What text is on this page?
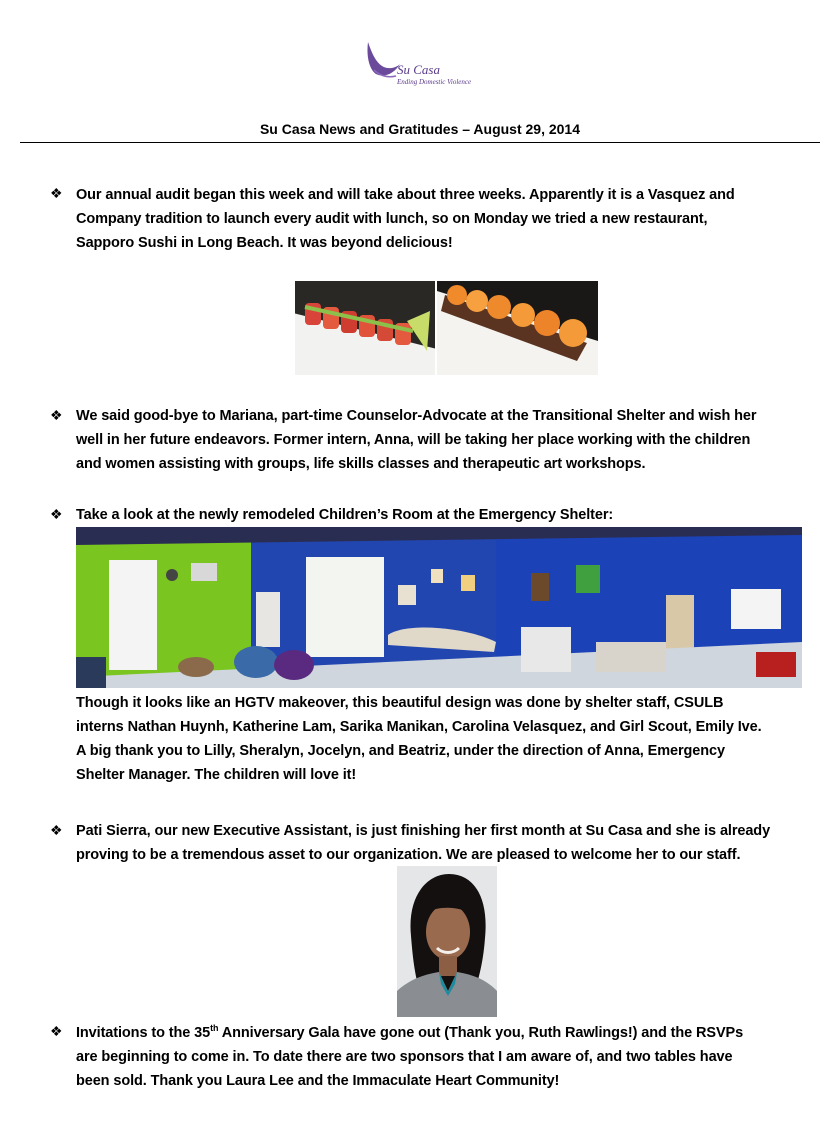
Su Casa
Ending Domestic Violence
Su Casa News and Gratitudes – August 29, 2014
❖ Our annual audit began this week and will take about three weeks. Apparently it is a Vasquez and
Company tradition to launch every audit with lunch, so on Monday we tried a new restaurant,
Sapporo Sushi in Long Beach. It was beyond delicious!
❖ We said good-bye to Mariana, part-time Counselor-Advocate at the Transitional Shelter and wish her
well in her future endeavors. Former intern, Anna, will be taking her place working with the children
and women assisting with groups, life skills classes and therapeutic art workshops.
❖ Take a look at the newly remodeled Children’s Room at the Emergency Shelter:
Though it looks like an HGTV makeover, this beautiful design was done by shelter staff, CSULB
interns Nathan Huynh, Katherine Lam, Sarika Manikan, Carolina Velasquez, and Girl Scout, Emily Ive.
A big thank you to Lilly, Sheralyn, Jocelyn, and Beatriz, under the direction of Anna, Emergency
Shelter Manager. The children will love it!
❖ Pati Sierra, our new Executive Assistant, is just finishing her first month at Su Casa and she is already
proving to be a tremendous asset to our organization. We are pleased to welcome her to our staff.
❖ Invitations to the 35th Anniversary Gala have gone out (Thank you, Ruth Rawlings!) and the RSVPs
are beginning to come in. To date there are two sponsors that I am aware of, and two tables have
been sold. Thank you Laura Lee and the Immaculate Heart Community!
